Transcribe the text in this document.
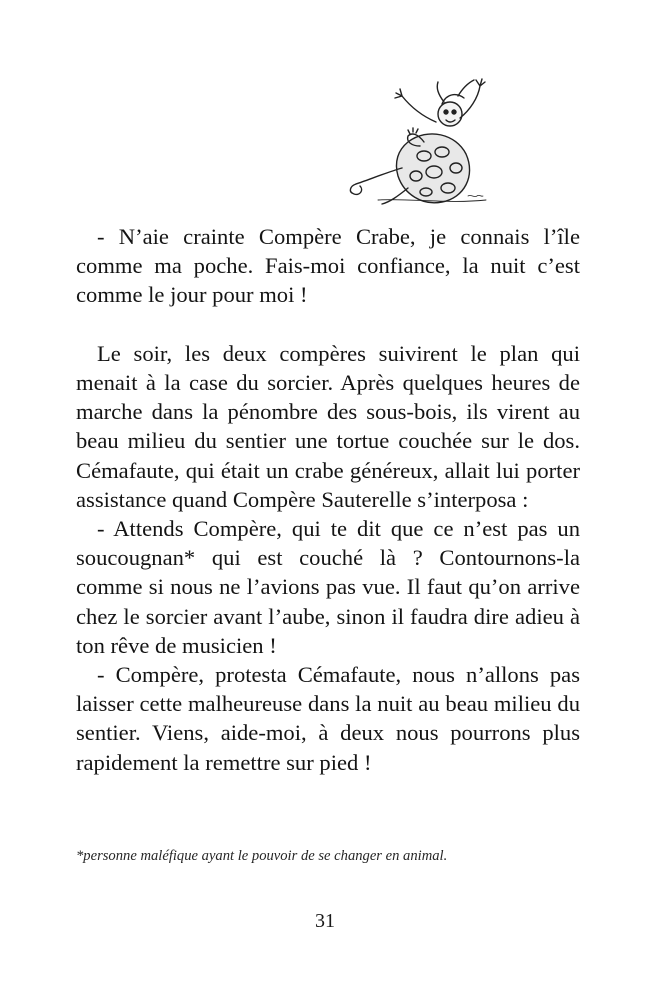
- N’aie crainte Compère Crabe, je connais l’île comme ma poche. Fais-moi confiance, la nuit c’est comme le jour pour moi !

Le soir, les deux compères suivirent le plan qui menait à la case du sorcier. Après quelques heures de marche dans la pénombre des sous-bois, ils virent au beau milieu du sentier une tortue couchée sur le dos. Cémafaute, qui était un crabe généreux, allait lui porter assistance quand Compère Sauterelle s’interposa :

- Attends Compère, qui te dit que ce n’est pas un soucougnan* qui est couché là ? Contournons-la comme si nous ne l’avions pas vue. Il faut qu’on arrive chez le sorcier avant l’aube, sinon il faudra dire adieu à ton rêve de musicien !

- Compère, protesta Cémafaute, nous n’allons pas laisser cette malheureuse dans la nuit au beau milieu du sentier. Viens, aide-moi, à deux nous pourrons plus rapidement la remettre sur pied !

*personne maléfique ayant le pouvoir de se changer en animal.
31
